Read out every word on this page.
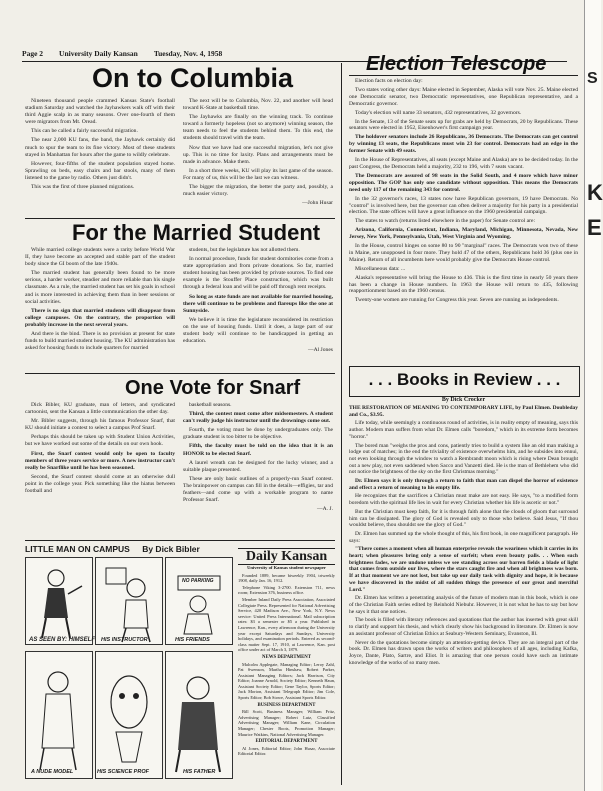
Page 2 University Daily Kansan Tuesday, Nov. 4, 1958
On to Columbia

Nineteen thousand people crammed Kansas State's football stadium Saturday and watched the Jayhawkers walk off with their third Aggie scalp in as many seasons. Over one-fourth of them were migrators from Mt. Oread.

This can be called a fairly successful migration.

The near 2,000 KU fans, the band, the Jayhawk certainly did much to spur the team to its fine victory. Most of these students stayed in Manhattan for hours after the game to wildly celebrate.

However, four-fifths of the student population stayed home. Sprawling on beds, easy chairs and bar stools, many of them listened to the game by radio. Others just didn't.

This was the first of three planned migrations.

The next will be to Columbia, Nov. 22, and another will head toward K-State at basketball time.

The Jayhawks are finally on the winning track. To continue toward a formerly hopeless (not so anymore) winning season, the team needs to feel the students behind them. To this end, the students should travel with the team.

Now that we have had one successful migration, let's not give up. This is no time for laxity. Plans and arrangements must be made in advance. Make them.

In a short three weeks, KU will play its last game of the season. For many of us, this will be the last we can witness.

The bigger the migration, the better the party and, possibly, a much easier victory.

—John Husar

For the Married Student

While married college students were a rarity before World War II, they have become an accepted and stable part of the student body since the GI boom of the late 1940s.

The married student has generally been found to be more serious, a harder worker, steadier and more reliable than his single classmate. As a rule, the married student has set his goals in school and is more interested in achieving them than in beer sessions or social activities.

There is no sign that married students will disappear from college campuses. On the contrary, the proportion will probably increase in the next several years.

And there is the bind. There is no provision at present for state funds to build married student housing. The KU administration has asked for housing funds to include quarters for married

students, but the legislature has not allotted them.

In normal procedure, funds for student dormitories come from a state appropriation and from private donations. So far, married student housing has been provided by private sources. To find one example is the Stouffer Place construction, which was built through a federal loan and will be paid off through rent receipts.

So long as state funds are not available for married housing, there will continue to be problems and flareups like the one at Sunnyside.

We believe it is time the legislature reconsidered its restriction on the use of housing funds. Until it does, a large part of our student body will continue to be handicapped in getting an education.

—Al Jones

One Vote for Snarf

Dick Bibler, KU graduate, man of letters, and syndicated cartoonist, sent the Kansan a little communication the other day.

Mr. Bibler suggests, through his famous Professor Snarf, that KU should initiate a contest to select a campus Prof Snarf.

Perhaps this should be taken up with Student Union Activities, but we have worked out some of the details on our own hook.

First, the Snarf contest would only be open to faculty members of three years service or more. A new instructor can't really be Snarflike until he has been seasoned.

Second, the Snarf contest should come at an otherwise dull point in the college year. Pick something like the hiatus between football and

basketball seasons.

Third, the contest must come after midsemesters. A student can't really judge his instructor until the drownings come out.

Fourth, the voting must be done by undergraduates only. The graduate student is too bitter to be objective.

Fifth, the faculty must be told on the idea that it is an HONOR to be elected Snarf.

A laurel wreath can be designed for the lucky winner, and a suitable plaque presented.

These are only basic outlines of a properly-run Snarf contest. The brainpower on campus can fill in the details—effigies, tar and feathers—and come up with a workable program to name Professor Snarf.

—A. J.

Election Telescope

Election facts on election day:

Two states voting other days: Maine elected in September, Alaska will vote Nov. 25. Maine elected one Democratic senator, two Democratic representatives, one Republican representative, and a Democratic governor.

Today's election will name 33 senators, 432 representatives, 32 governors.

In the Senate, 13 of the Senate seats up for grabs are held by Democrats, 20 by Republicans. These senators were elected in 1952, Eisenhower's first campaign year.

The holdover senators include 26 Republicans, 36 Democrats. The Democrats can get control by winning 13 seats, the Republicans must win 23 for control. Democrats had an edge in the former Senate with 49 seats.

In the House of Representatives, all seats (except Maine and Alaska) are to be decided today. In the past Congress, the Democrats held a majority, 232 to 196, with 7 seats vacant.

The Democrats are assured of 98 seats in the Solid South, and 4 more which have minor opposition. The GOP has only one candidate without opposition. This means the Democrats need only 117 of the remaining 343 for control.

In the 32 governor's races, 13 states now have Republican governors, 19 have Democrats. No "control" is involved here, but the governor can often deliver a majority for his party in a presidential election. The state offices will have a great influence on the 1960 presidential campaign.

The states to watch (returns listed elsewhere in the paper) for Senate control are:

Arizona, California, Connecticut, Indiana, Maryland, Michigan, Minnesota, Nevada, New Jersey, New York, Pennsylvania, Utah, West Virginia and Wyoming.

In the House, control hinges on some 80 to 90 "marginal" races. The Democrats won two of these in Maine, are unopposed in four more. They hold 47 of the others, Republicans hold 36 (plus one in Maine). Return of all incumbents here would probably give the Democrats House control.

Miscellaneous data: ...

Alaska's representative will bring the House to 436. This is the first time in nearly 50 years there has been a change in House numbers. In 1963 the House will return to 435, following reapportionment based on the 1960 census.

Twenty-one women are running for Congress this year. Seven are running as independents.

. . . Books in Review . . .
By Dick Crocker

THE RESTORATION OF MEANING TO CONTEMPORARY LIFE, by Paul Elmen. Doubleday and Co., $3.95.

Life today, while seemingly a continuous round of activities, is in reality empty of meaning, says this author. Modern man suffers from what Dr. Elmen calls "boredom," which in its extreme form becomes "horror."

The bored man "weighs the pros and cons, patiently tries to build a system like an old man making a lodge out of matches; in the end the triviality of existence overwhelms him, and he subsides into ennui, not even looking through the window to watch a Rembrandt moon which is rising where Dean brought out a new play, not even saddened when Sacco and Vanzetti died. He is the man of Bethlehem who did not notice the brightness of the sky on the first Christmas morning."

Dr. Elmen says it is only through a return to faith that man can dispel the horror of existence and effect a return of meaning to his empty life.

He recognizes that the sacrifices a Christian must make are not easy. He says, "to a modified form boredom with the spiritual life lies in wait for every Christian whether his life is ascetic or not."

But the Christian must keep faith, for it is through faith alone that the clouds of gloom that surround him can be dissipated. The glory of God is revealed only to those who believe. Said Jesus, "If thou wouldst believe, thou shouldst see the glory of God."

Dr. Elmen has summed up the whole thought of this, his first book, in one magnificent paragraph. He says:

"There comes a moment when all human enterprise reveals the weariness which it carries in its heart; when pleasures bring only a sense of surfeit; when even beauty palls. . . When such brightness fades, we are undone unless we see standing across our barren fields a blade of light that comes from outside our lives, where the stars caught fire and when all brightness was born. If at that moment we are not lost, but take up our daily task with dignity and hope, it is because we have discovered in the midst of all sudden things the presence of our great and merciful Lord."

Dr. Elmen has written a penetrating analysis of the future of modern man in this book, which is one of the Christian Faith series edited by Reinhold Niebuhr. However, it is not what he has to say but how he says it that one notices.

The book is filled with literary references and quotations that the author has inserted with great skill to clarify and support his thesis, and which clearly show his background in literature. Dr. Elmen is now an assistant professor of Christian Ethics at Seabury-Western Seminary, Evanston, Ill.

Never do the quotations become simply an attention-getting device. They are an integral part of the book. Dr. Elmen has drawn upon the works of writers and philosophers of all ages, including Kafka, Joyce, Dante, Plato, Sartre, and Eliot. It is amazing that one person could have such an intimate knowledge of the works of so many men.

LITTLE MAN ON CAMPUS By Dick Bibler
AS SEEN BY: HIMSELF HIS INSTRUCTOR
NO PARKING
HIS FRIENDS
A NUDE MODEL	HIS SCIENCE PROF	HIS FATHER
Daily Kansan
University of Kansas student newspaper

Founded 1889, became biweekly 1904, triweekly 1908, daily Jan. 16, 1912.

Telephone Viking 3-2700. Extension 711, news room; Extension 376, business office.

Member Inland Daily Press Association, Associated Collegiate Press. Represented for National Advertising Service, 420 Madison Ave., New York, N.Y. News service: United Press International. Mail subscription rates: $3 a semester or $5 a year. Published in Lawrence, Kan., every afternoon during the University year except Saturdays and Sundays, University holidays, and examination periods. Entered as second-class matter Sept. 17, 1910, at Lawrence, Kan. post office under act of March 3, 1879.

NEWS DEPARTMENT

Malcolm Applegate, Managing Editor; Leroy Zahl, Pat Swenson, Martha Hinshaw, Robert Parker, Assistant Managing Editors; Jack Harrison, City Editor; Joanne Arnold, Society Editor; Kenneth Haun, Assistant Society Editor; Gene Taylor, Sports Editor; Jack Morton, Assistant Telegraph Editor; Jim Cole, Sports Editor; Bob Stowe, Assistant Sports Editor.

BUSINESS DEPARTMENT

Bill Scott, Business Manager; William Fritz, Advertising Manager; Robert Lutz, Classified Advertising Manager; William Kane, Circulation Manager; Chester Boots, Promotion Manager; Maurice Watkins, National Advertising Manager.

EDITORIAL DEPARTMENT

Al Jones, Editorial Editor; John Husar, Associate Editorial Editor.

S
K
E
